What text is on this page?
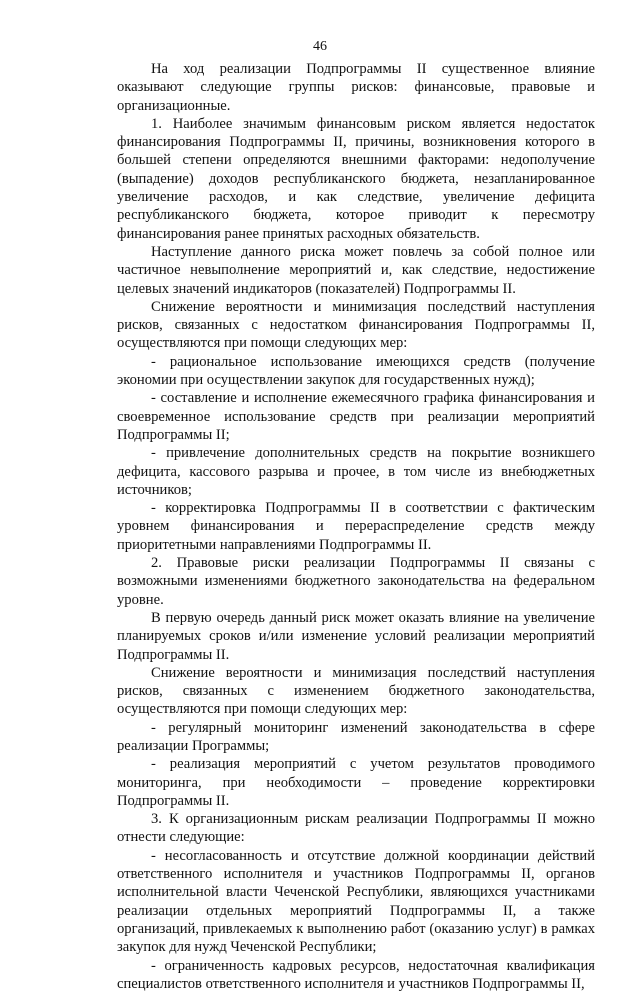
46

На ход реализации Подпрограммы II существенное влияние оказывают следующие группы рисков: финансовые, правовые и организационные.

1. Наиболее значимым финансовым риском является недостаток финансирования Подпрограммы II, причины, возникновения которого в большей степени определяются внешними факторами: недополучение (выпадение) доходов республиканского бюджета, незапланированное увеличение расходов, и как следствие, увеличение дефицита республиканского бюджета, которое приводит к пересмотру финансирования ранее принятых расходных обязательств.

Наступление данного риска может повлечь за собой полное или частичное невыполнение мероприятий и, как следствие, недостижение целевых значений индикаторов (показателей) Подпрограммы II.

Снижение вероятности и минимизация последствий наступления рисков, связанных с недостатком финансирования Подпрограммы II, осуществляются при помощи следующих мер:

- рациональное использование имеющихся средств (получение экономии при осуществлении закупок для государственных нужд);

- составление и исполнение ежемесячного графика финансирования и своевременное использование средств при реализации мероприятий Подпрограммы II;

- привлечение дополнительных средств на покрытие возникшего дефицита, кассового разрыва и прочее, в том числе из внебюджетных источников;

- корректировка Подпрограммы II в соответствии с фактическим уровнем финансирования и перераспределение средств между приоритетными направлениями Подпрограммы II.

2. Правовые риски реализации Подпрограммы II связаны с возможными изменениями бюджетного законодательства на федеральном уровне.

В первую очередь данный риск может оказать влияние на увеличение планируемых сроков и/или изменение условий реализации мероприятий Подпрограммы II.

Снижение вероятности и минимизация последствий наступления рисков, связанных с изменением бюджетного законодательства, осуществляются при помощи следующих мер:

- регулярный мониторинг изменений законодательства в сфере реализации Программы;

- реализация мероприятий с учетом результатов проводимого мониторинга, при необходимости – проведение корректировки Подпрограммы II.

3. К организационным рискам реализации Подпрограммы II можно отнести следующие:

- несогласованность и отсутствие должной координации действий ответственного исполнителя и участников Подпрограммы II, органов исполнительной власти Чеченской Республики, являющихся участниками реализации отдельных мероприятий Подпрограммы II, а также организаций, привлекаемых к выполнению работ (оказанию услуг) в рамках закупок для нужд Чеченской Республики;

- ограниченность кадровых ресурсов, недостаточная квалификация специалистов ответственного исполнителя и участников Подпрограммы II,
